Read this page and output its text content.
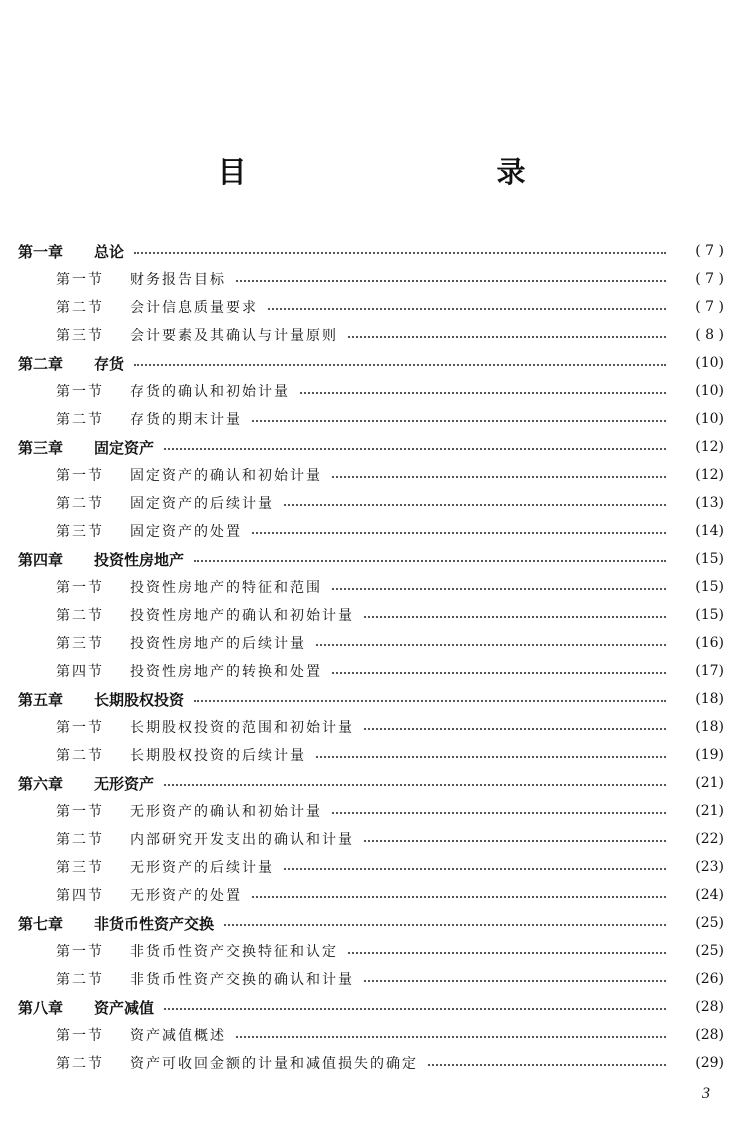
目　　录
第一章	总论	( 7 )
第一节	财务报告目标	( 7 )
第二节	会计信息质量要求	( 7 )
第三节	会计要素及其确认与计量原则	( 8 )
第二章	存货	(10)
第一节	存货的确认和初始计量	(10)
第二节	存货的期末计量	(10)
第三章	固定资产	(12)
第一节	固定资产的确认和初始计量	(12)
第二节	固定资产的后续计量	(13)
第三节	固定资产的处置	(14)
第四章	投资性房地产	(15)
第一节	投资性房地产的特征和范围	(15)
第二节	投资性房地产的确认和初始计量	(15)
第三节	投资性房地产的后续计量	(16)
第四节	投资性房地产的转换和处置	(17)
第五章	长期股权投资	(18)
第一节	长期股权投资的范围和初始计量	(18)
第二节	长期股权投资的后续计量	(19)
第六章	无形资产	(21)
第一节	无形资产的确认和初始计量	(21)
第二节	内部研究开发支出的确认和计量	(22)
第三节	无形资产的后续计量	(23)
第四节	无形资产的处置	(24)
第七章	非货币性资产交换	(25)
第一节	非货币性资产交换特征和认定	(25)
第二节	非货币性资产交换的确认和计量	(26)
第八章	资产减值	(28)
第一节	资产减值概述	(28)
第二节	资产可收回金额的计量和减值损失的确定	(29)
3
